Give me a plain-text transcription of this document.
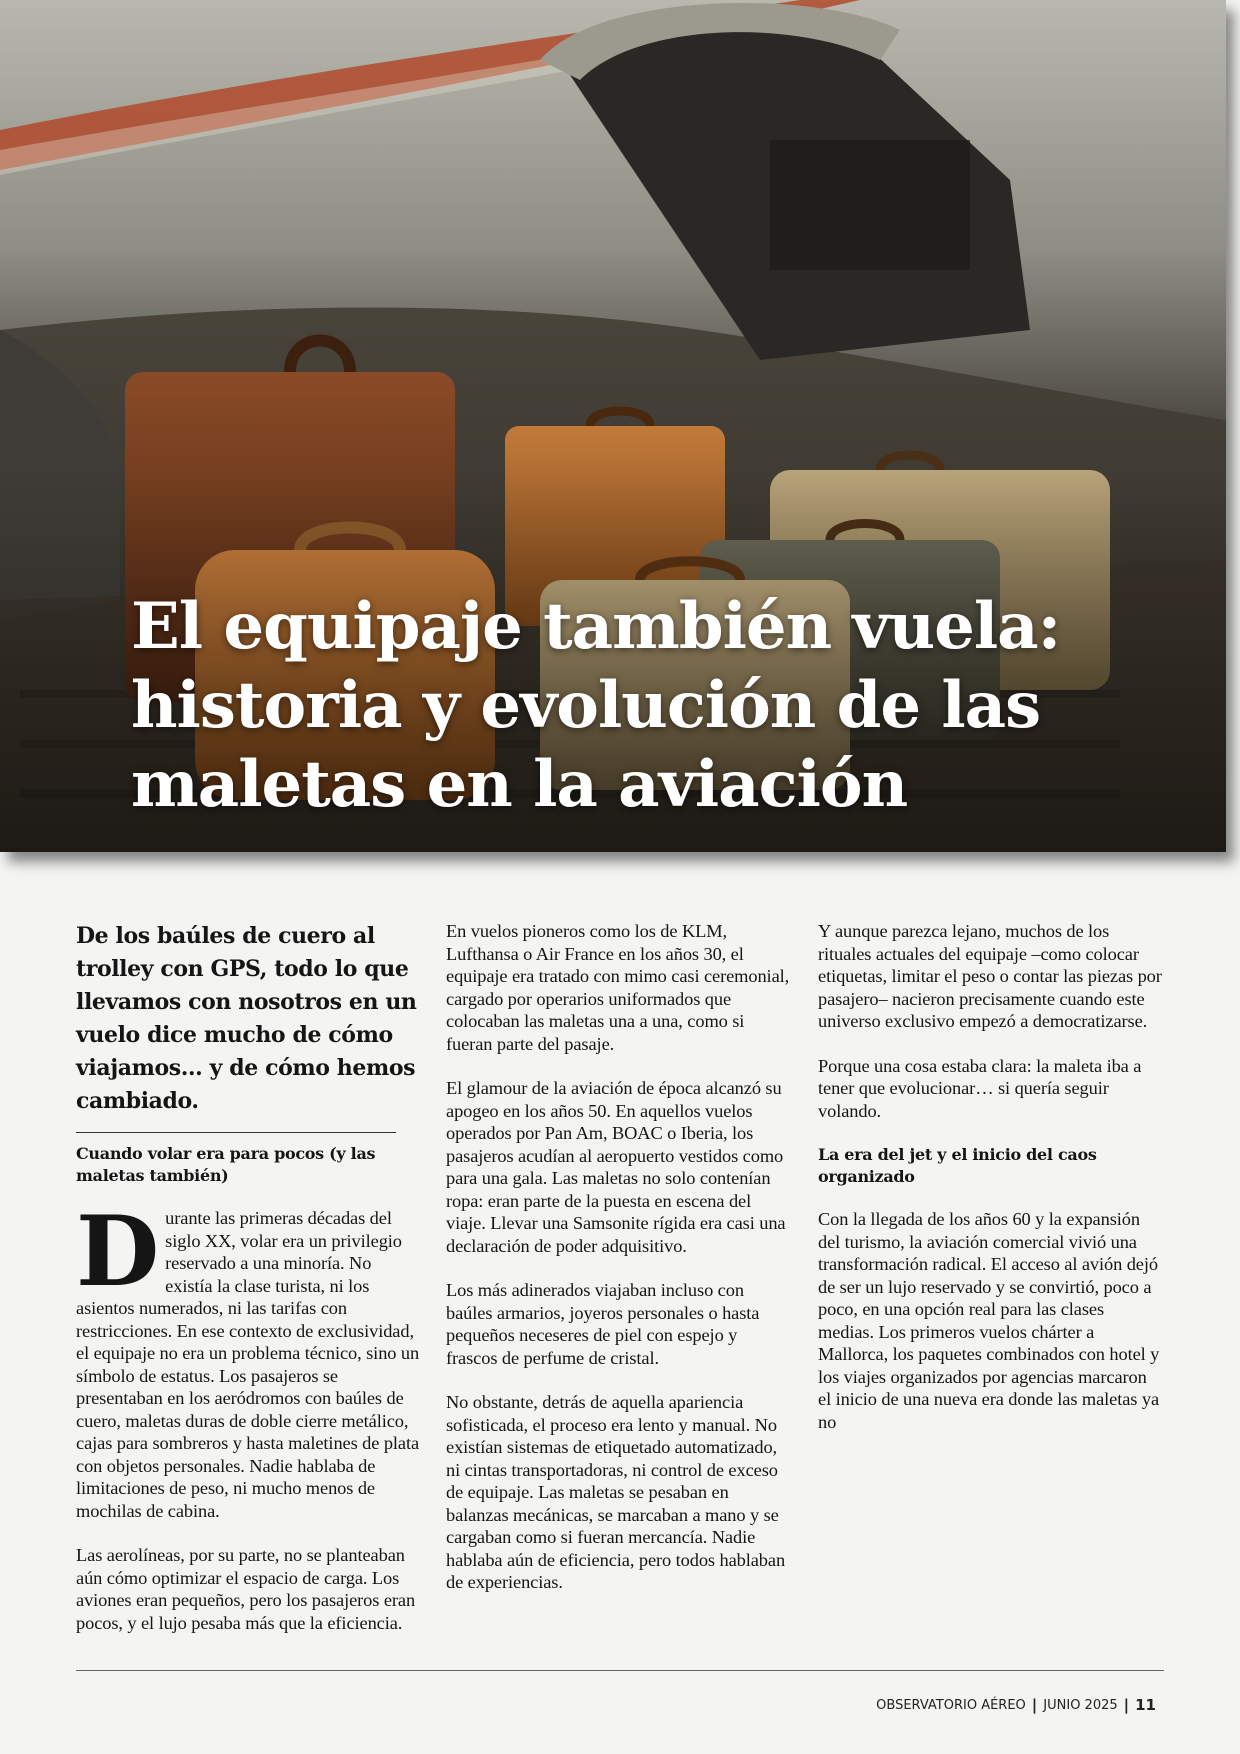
El equipaje también vuela: historia y evolución de las maletas en la aviación

De los baúles de cuero al trolley con GPS, todo lo que llevamos con nosotros en un vuelo dice mucho de cómo viajamos… y de cómo hemos cambiado.

Cuando volar era para pocos (y las maletas también)

Durante las primeras décadas del siglo XX, volar era un privilegio reservado a una minoría. No existía la clase turista, ni los asientos numerados, ni las tarifas con restricciones. En ese contexto de exclusividad, el equipaje no era un problema técnico, sino un símbolo de estatus. Los pasajeros se presentaban en los aeródromos con baúles de cuero, maletas duras de doble cierre metálico, cajas para sombreros y hasta maletines de plata con objetos personales. Nadie hablaba de limitaciones de peso, ni mucho menos de mochilas de cabina.

Las aerolíneas, por su parte, no se planteaban aún cómo optimizar el espacio de carga. Los aviones eran pequeños, pero los pasajeros eran pocos, y el lujo pesaba más que la eficiencia.

En vuelos pioneros como los de KLM, Lufthansa o Air France en los años 30, el equipaje era tratado con mimo casi ceremonial, cargado por operarios uniformados que colocaban las maletas una a una, como si fueran parte del pasaje.

El glamour de la aviación de época alcanzó su apogeo en los años 50. En aquellos vuelos operados por Pan Am, BOAC o Iberia, los pasajeros acudían al aeropuerto vestidos como para una gala. Las maletas no solo contenían ropa: eran parte de la puesta en escena del viaje. Llevar una Samsonite rígida era casi una declaración de poder adquisitivo.

Los más adinerados viajaban incluso con baúles armarios, joyeros personales o hasta pequeños neceseres de piel con espejo y frascos de perfume de cristal.

No obstante, detrás de aquella apariencia sofisticada, el proceso era lento y manual. No existían sistemas de etiquetado automatizado, ni cintas transportadoras, ni control de exceso de equipaje. Las maletas se pesaban en balanzas mecánicas, se marcaban a mano y se cargaban como si fueran mercancía. Nadie hablaba aún de eficiencia, pero todos hablaban de experiencias.

Y aunque parezca lejano, muchos de los rituales actuales del equipaje –como colocar etiquetas, limitar el peso o contar las piezas por pasajero– nacieron precisamente cuando este universo exclusivo empezó a democratizarse.

Porque una cosa estaba clara: la maleta iba a tener que evolucionar… si quería seguir volando.

La era del jet y el inicio del caos organizado

Con la llegada de los años 60 y la expansión del turismo, la aviación comercial vivió una transformación radical. El acceso al avión dejó de ser un lujo reservado y se convirtió, poco a poco, en una opción real para las clases medias. Los primeros vuelos chárter a Mallorca, los paquetes combinados con hotel y los viajes organizados por agencias marcaron el inicio de una nueva era donde las maletas ya no

OBSERVATORIO AÉREO | JUNIO 2025 | 11
